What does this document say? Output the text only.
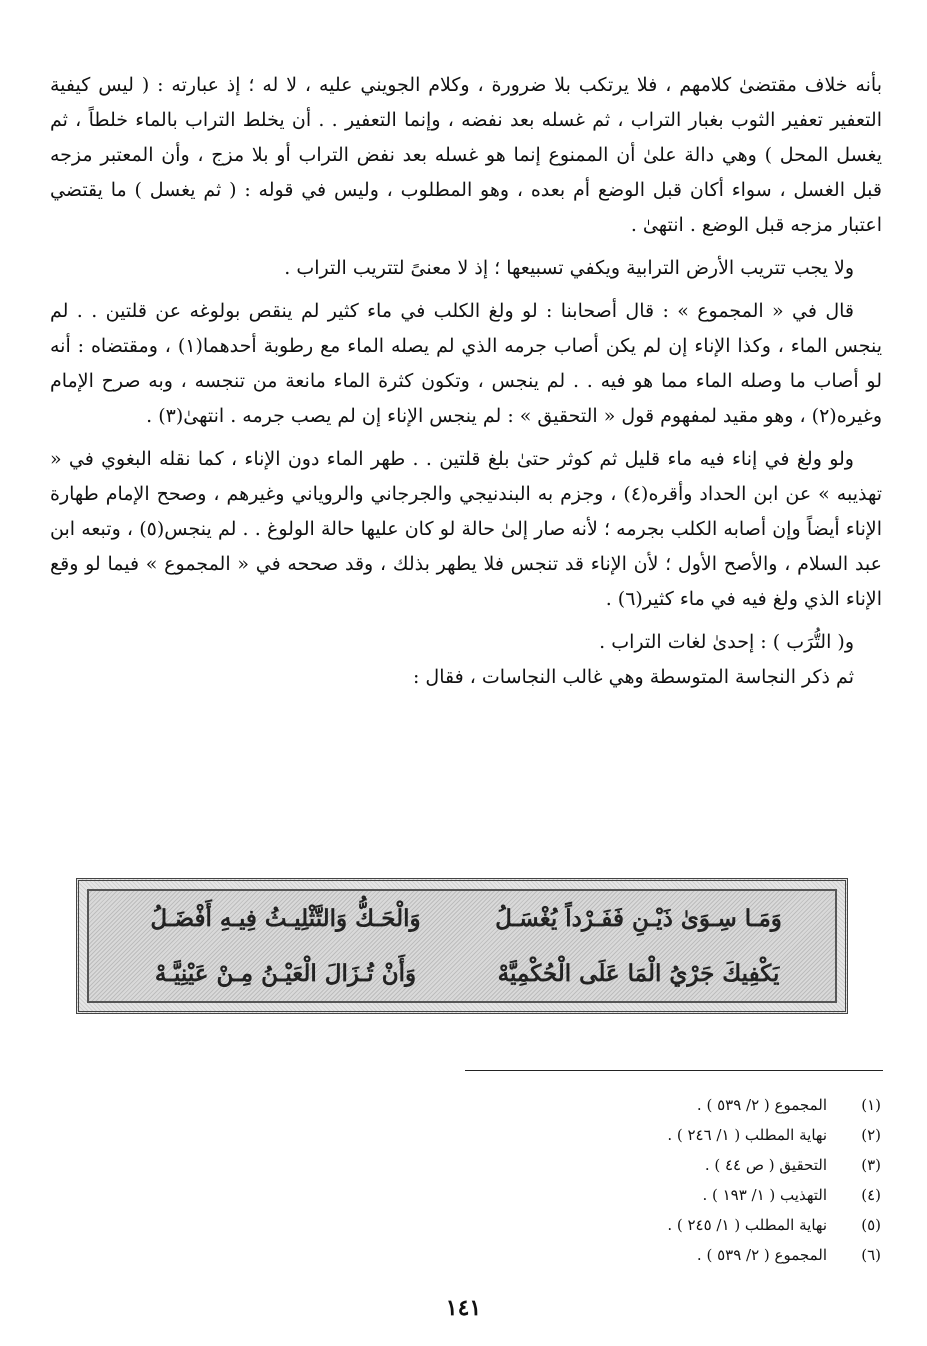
بأنه خلاف مقتضىٰ كلامهم ، فلا يرتكب بلا ضرورة ، وكلام الجويني عليه ، لا له ؛ إذ عبارته : ( ليس كيفية التعفير تعفير الثوب بغبار التراب ، ثم غسله بعد نفضه ، وإنما التعفير . . أن يخلط التراب بالماء خلطاً ، ثم يغسل المحل ) وهي دالة علىٰ أن الممنوع إنما هو غسله بعد نفض التراب أو بلا مزج ، وأن المعتبر مزجه قبل الغسل ، سواء أكان قبل الوضع أم بعده ، وهو المطلوب ، وليس في قوله : ( ثم يغسل ) ما يقتضي اعتبار مزجه قبل الوضع . انتهىٰ .

ولا يجب تتريب الأرض الترابية ويكفي تسبيعها ؛ إذ لا معنىً لتتريب التراب .

قال في « المجموع » : قال أصحابنا : لو ولغ الكلب في ماء كثير لم ينقص بولوغه عن قلتين . . لم ينجس الماء ، وكذا الإناء إن لم يكن أصاب جرمه الذي لم يصله الماء مع رطوبة أحدهما(١) ، ومقتضاه : أنه لو أصاب ما وصله الماء مما هو فيه . . لم ينجس ، وتكون كثرة الماء مانعة من تنجسه ، وبه صرح الإمام وغيره(٢) ، وهو مقيد لمفهوم قول « التحقيق » : لم ينجس الإناء إن لم يصب جرمه . انتهىٰ(٣) .

ولو ولغ في إناء فيه ماء قليل ثم كوثر حتىٰ بلغ قلتين . . طهر الماء دون الإناء ، كما نقله البغوي في « تهذيبه » عن ابن الحداد وأقره(٤) ، وجزم به البندنيجي والجرجاني والروياني وغيرهم ، وصحح الإمام طهارة الإناء أيضاً وإن أصابه الكلب بجرمه ؛ لأنه صار إلىٰ حالة لو كان عليها حالة الولوغ . . لم ينجس(٥) ، وتبعه ابن عبد السلام ، والأصح الأول ؛ لأن الإناء قد تنجس فلا يطهر بذلك ، وقد صححه في « المجموع » فيما لو وقع الإناء الذي ولغ فيه في ماء كثير(٦) .

و( التُّرَب ) : إحدىٰ لغات التراب .

ثم ذكر النجاسة المتوسطة وهي غالب النجاسات ، فقال :

وَمَـا سِـوَىٰ ذَيْـنِ فَفَـرْداً يُغْسَـلُ
وَالْحَـكُّ وَالتَّثْلِيـثُ فِيـهِ أَفْضَـلُ
يَكْفِيكَ جَرْيُ الْمَا عَلَى الْحُكْمِيَّهْ
وَأَنْ تُـزَالَ الْعَيْـنُ مِـنْ عَيْنِيَّـهْ
(١)
المجموع ( ٢/ ٥٣٩ ) .
(٢)
نهاية المطلب ( ١/ ٢٤٦ ) .
(٣)
التحقيق ( ص ٤٤ ) .
(٤)
التهذيب ( ١/ ١٩٣ ) .
(٥)
نهاية المطلب ( ١/ ٢٤٥ ) .
(٦)
المجموع ( ٢/ ٥٣٩ ) .
١٤١
